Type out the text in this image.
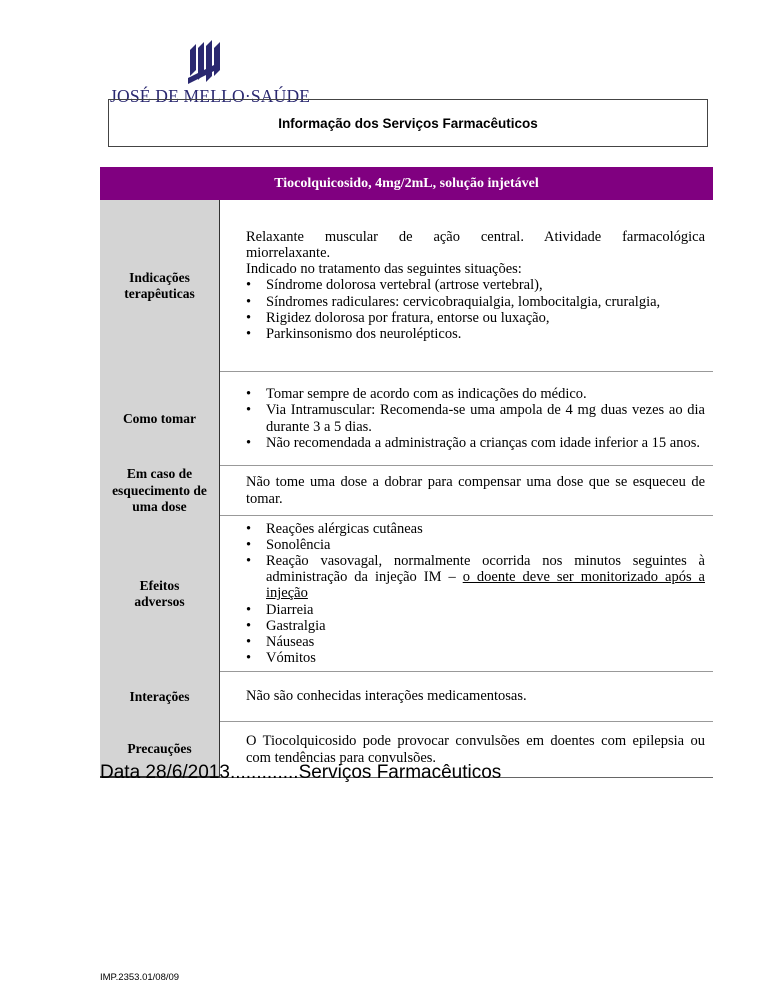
JOSÉ DE MELLO·SAÚDE
Informação dos Serviços Farmacêuticos
Tiocolquicosido, 4mg/2mL, solução injetável
Indicações terapêuticas
Relaxante muscular de ação central. Atividade farmacológica
miorrelaxante.
Indicado no tratamento das seguintes situações:
• Síndrome dolorosa vertebral (artrose vertebral),
• Síndromes radiculares: cervicobraquialgia, lombocitalgia, cruralgia,
• Rigidez dolorosa por fratura, entorse ou luxação,
• Parkinsonismo dos neurolépticos.
Como tomar
• Tomar sempre de acordo com as indicações do médico.
• Via Intramuscular: Recomenda-se uma ampola de 4 mg duas vezes ao dia durante 3 a 5 dias.
• Não recomendada a administração a crianças com idade inferior a 15 anos.
Em caso de esquecimento de uma dose
Não tome uma dose a dobrar para compensar uma dose que se esqueceu de tomar.
Efeitos adversos
• Reações alérgicas cutâneas
• Sonolência
• Reação vasovagal, normalmente ocorrida nos minutos seguintes à administração da injeção IM – o doente deve ser monitorizado após a injeção
• Diarreia
• Gastralgia
• Náuseas
• Vómitos
Interações	Não são conhecidas interações medicamentosas.
Precauções	O Tiocolquicosido pode provocar convulsões em doentes com epilepsia ou com tendências para convulsões.
Data 28/6/2013.............Serviços Farmacêuticos
IMP.2353.01/08/09
